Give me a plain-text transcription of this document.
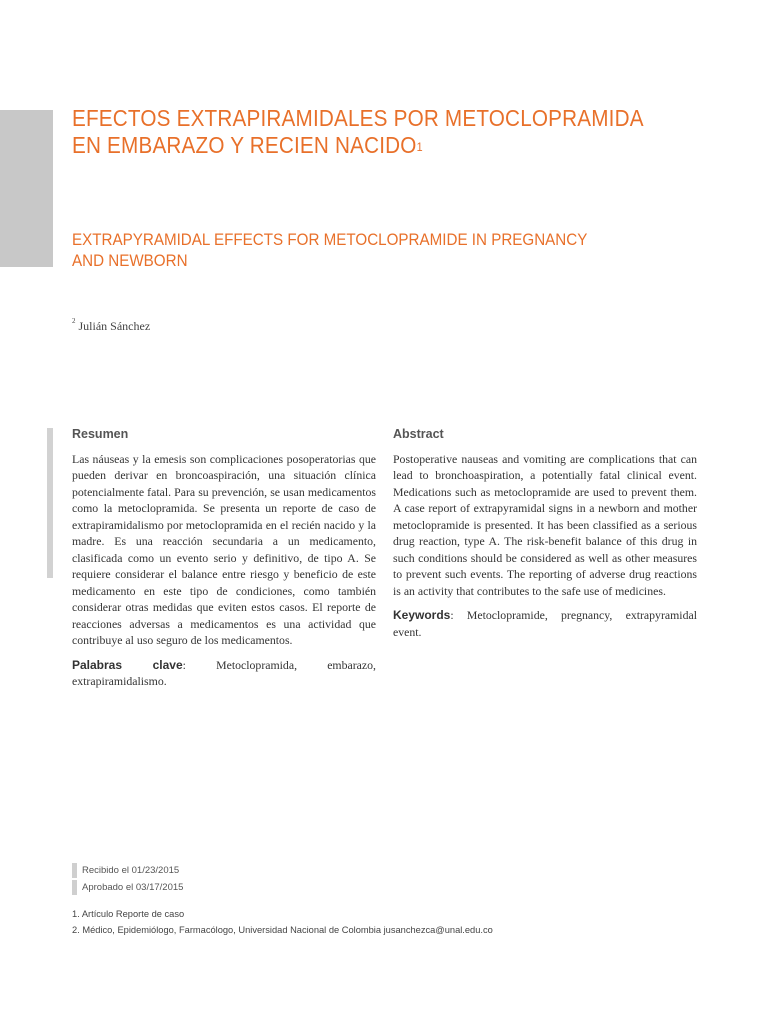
EFECTOS EXTRAPIRAMIDALES POR METOCLOPRAMIDA EN EMBARAZO Y RECIEN NACIDO$^1$
EXTRAPYRAMIDAL EFFECTS FOR METOCLOPRAMIDE IN PREGNANCY AND NEWBORN
$^2$ Julián Sánchez
Resumen

Las náuseas y la emesis son complicaciones posoperatorias que pueden derivar en broncoaspiración, una situación clínica potencialmente fatal. Para su prevención, se usan medicamentos como la metoclopramida. Se presenta un reporte de caso de extrapiramidalismo por metoclopramida en el recién nacido y la madre. Es una reacción secundaria a un medicamento, clasificada como un evento serio y definitivo, de tipo A. Se requiere considerar el balance entre riesgo y beneficio de este medicamento en este tipo de condiciones, como también considerar otras medidas que eviten estos casos. El reporte de reacciones adversas a medicamentos es una actividad que contribuye al uso seguro de los medicamentos.

Palabras clave: Metoclopramida, embarazo, extrapiramidalismo.

Abstract

Postoperative nauseas and vomiting are complications that can lead to bronchoaspiration, a potentially fatal clinical event. Medications such as metoclopramide are used to prevent them. A case report of extrapyramidal signs in a newborn and mother metoclopramide is presented. It has been classified as a serious drug reaction, type A. The risk-benefit balance of this drug in such conditions should be considered as well as other measures to prevent such events. The reporting of adverse drug reactions is an activity that contributes to the safe use of medicines.

Keywords: Metoclopramide, pregnancy, extrapyramidal event.

Recibido el 01/23/2015
Aprobado el 03/17/2015
1. Artículo Reporte de caso
2. Médico, Epidemiólogo, Farmacólogo, Universidad Nacional de Colombia jusanchezca@unal.edu.co
